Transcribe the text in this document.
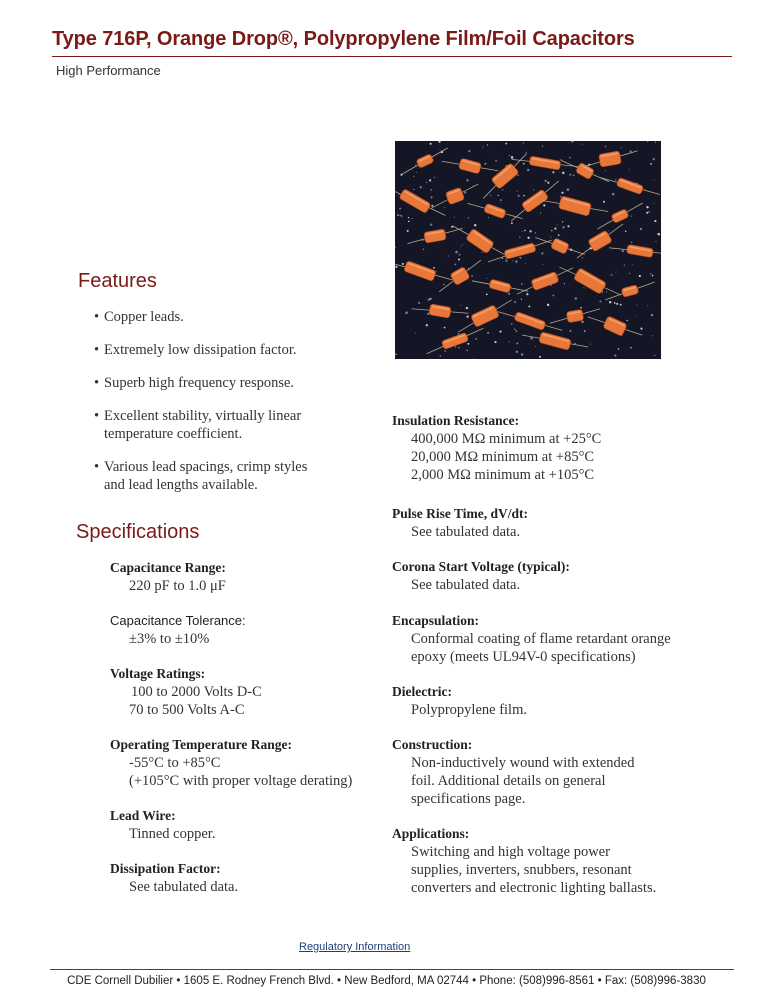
Type 716P, Orange Drop®, Polypropylene Film/Foil Capacitors
High Performance
Features
• Copper leads.
• Extremely low dissipation factor.
• Superb high frequency response.
• Excellent stability, virtually linear
temperature coefficient.
• Various lead spacings, crimp styles
and lead lengths available.
Specifications
Capacitance Range:
220 pF to 1.0 μF
Capacitance Tolerance:
±3% to ±10%
Voltage Ratings:
100 to 2000 Volts D-C
70 to 500 Volts A-C
Operating Temperature Range:
-55°C to +85°C
(+105°C with proper voltage derating)
Lead Wire:
Tinned copper.
Dissipation Factor:
See tabulated data.
Insulation Resistance:
400,000 MΩ minimum at +25°C
20,000 MΩ minimum at +85°C
2,000 MΩ minimum at +105°C
Pulse Rise Time, dV/dt:
See tabulated data.
Corona Start Voltage (typical):
See tabulated data.
Encapsulation:
Conformal coating of flame retardant orange
epoxy (meets UL94V-0 specifications)
Dielectric:
Polypropylene film.
Construction:
Non-inductively wound with extended
foil. Additional details on general
specifications page.
Applications:
Switching and high voltage power
supplies, inverters, snubbers, resonant
converters and electronic lighting ballasts.
Regulatory Information
CDE Cornell Dubilier • 1605 E. Rodney French Blvd. • New Bedford, MA 02744 • Phone: (508)996-8561 • Fax: (508)996-3830
